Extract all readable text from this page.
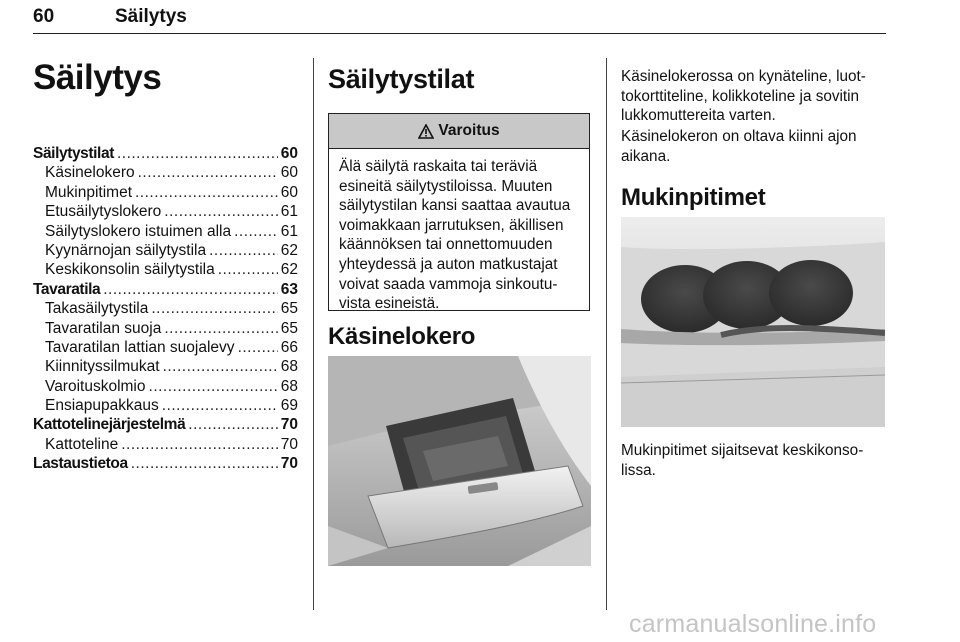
60	Säilytys
Säilytys
Säilytystilat .....	60
Käsinelokero .....	60
Mukinpitimet .....	60
Etusäilytyslokero .....	61
Säilytyslokero istuimen alla .....	61
Kyynärnojan säilytystila .....	62
Keskikonsolin säilytystila .....	62
Tavaratila .....	63
Takasäilytystila .....	65
Tavaratilan suoja .....	65
Tavaratilan lattian suojalevy .....	66
Kiinnityssilmukat .....	68
Varoituskolmio .....	68
Ensiapupakkaus .....	69
Kattotelinejärjestelmä .....	70
Kattoteline .....	70
Lastaustietoa .....	70
Säilytystilat
Varoitus
Älä säilytä raskaita tai teräviä
esineitä säilytystiloissa. Muuten
säilytystilan kansi saattaa avautua
voimakkaan jarrutuksen, äkillisen
käännöksen tai onnettomuuden
yhteydessä ja auton matkustajat
voivat saada vammoja sinkoutu-
vista esineistä.
Käsinelokero
Käsinelokerossa on kynäteline, luot-
tokorttiteline, kolikkoteline ja sovitin
lukkomuttereita varten.
Käsinelokeron on oltava kiinni ajon
aikana.
Mukinpitimet
Mukinpitimet sijaitsevat keskikonso-
lissa.
carmanualsonline.info
